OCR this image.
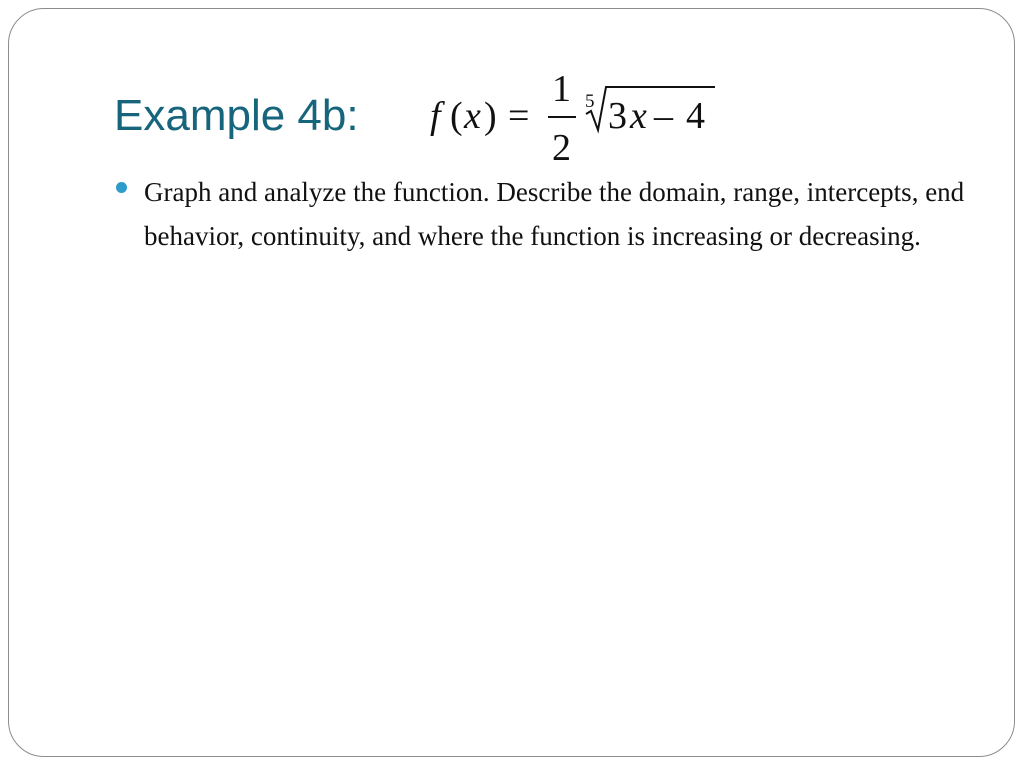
Example 4b: f ( x ) =
1
2
5 3 x – 4
Graph and analyze the function. Describe the domain, range, intercepts, end behavior, continuity, and where the function is increasing or decreasing.
